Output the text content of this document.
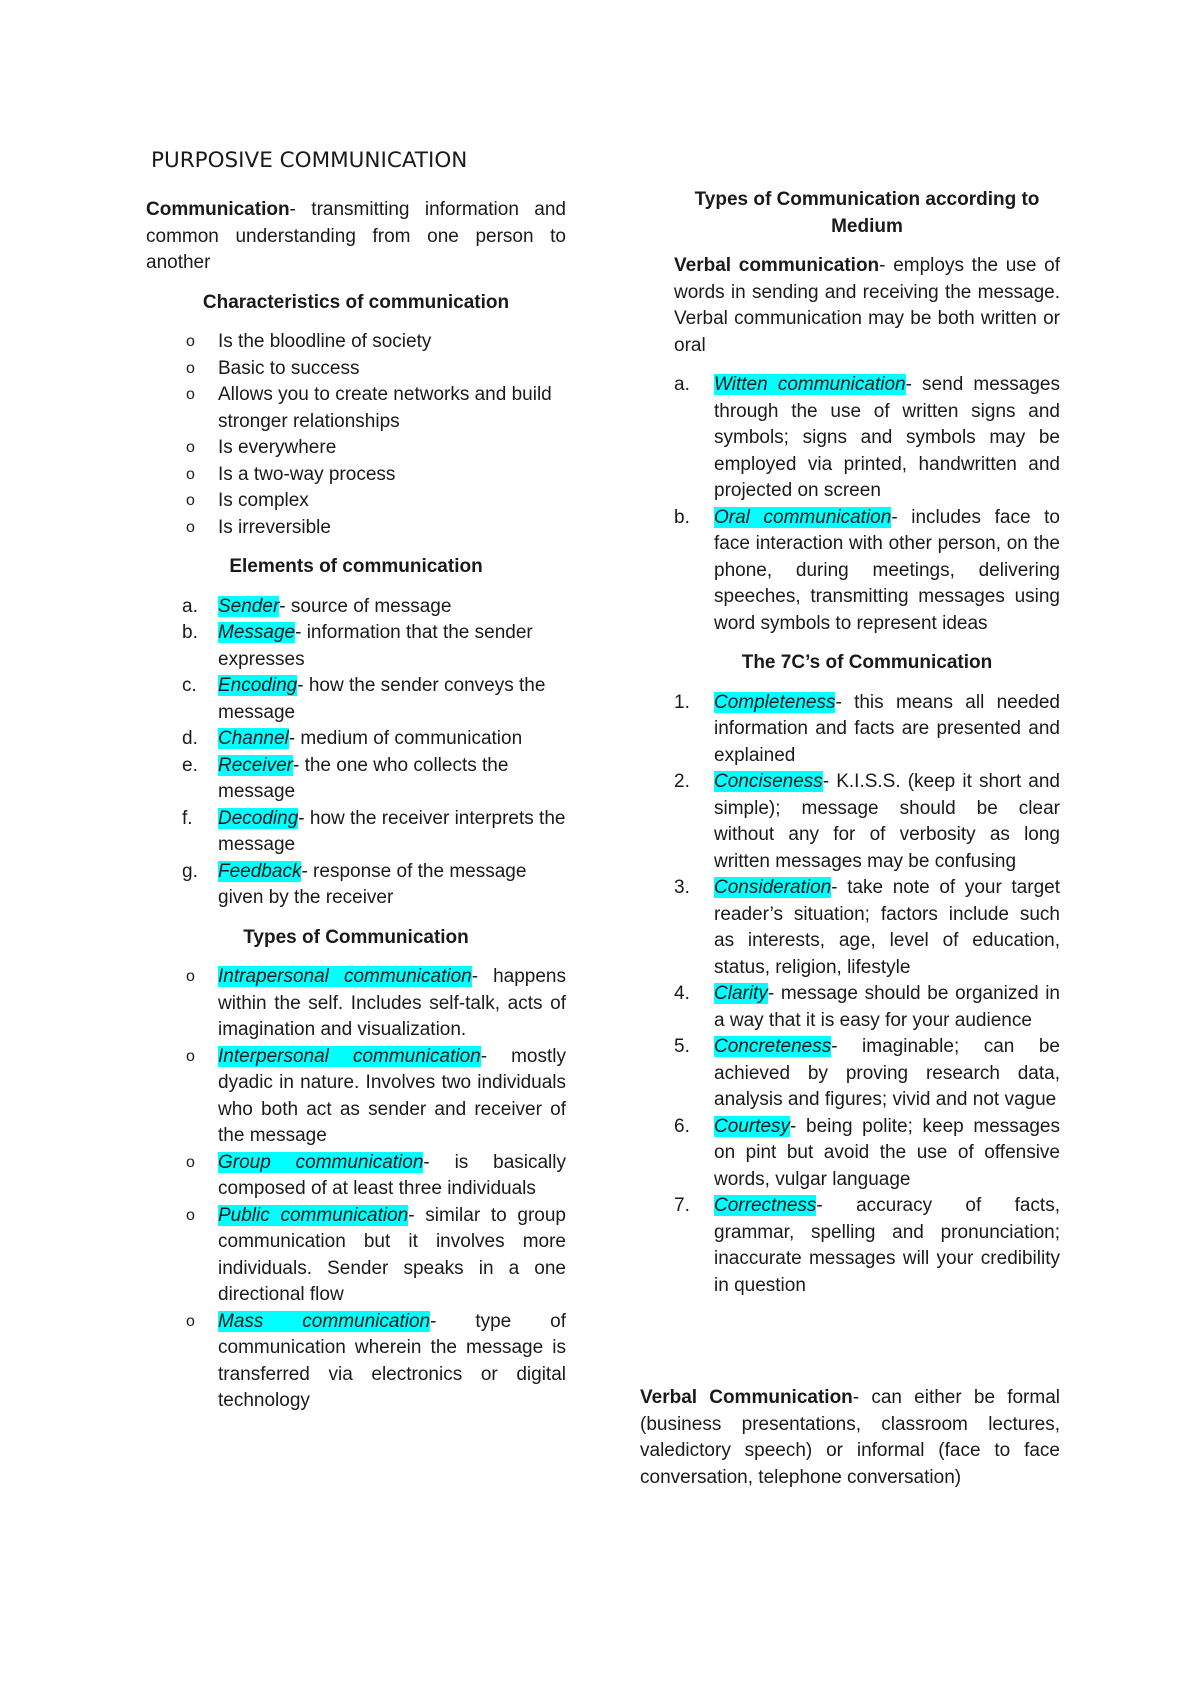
PURPOSIVE COMMUNICATION

Communication- transmitting information and common understanding from one person to another

Characteristics of communication

o Is the bloodline of society
o Basic to success
o Allows you to create networks and build stronger relationships
o Is everywhere
o Is a two-way process
o Is complex
o Is irreversible

Elements of communication

a. Sender- source of message
b. Message- information that the sender expresses
c. Encoding- how the sender conveys the message
d. Channel- medium of communication
e. Receiver- the one who collects the message
f. Decoding- how the receiver interprets the message
g. Feedback- response of the message given by the receiver

Types of Communication

o Intrapersonal communication- happens within the self. Includes self-talk, acts of imagination and visualization.
o Interpersonal communication- mostly dyadic in nature. Involves two individuals who both act as sender and receiver of the message
o Group communication- is basically composed of at least three individuals
o Public communication- similar to group communication but it involves more individuals. Sender speaks in a one directional flow
o Mass communication- type of communication wherein the message is transferred via electronics or digital technology

Types of Communication according to Medium

Verbal communication- employs the use of words in sending and receiving the message. Verbal communication may be both written or oral

a. Witten communication- send messages through the use of written signs and symbols; signs and symbols may be employed via printed, handwritten and projected on screen
b. Oral communication- includes face to face interaction with other person, on the phone, during meetings, delivering speeches, transmitting messages using word symbols to represent ideas

The 7C’s of Communication

1. Completeness- this means all needed information and facts are presented and explained
2. Conciseness- K.I.S.S. (keep it short and simple); message should be clear without any for of verbosity as long written messages may be confusing
3. Consideration- take note of your target reader’s situation; factors include such as interests, age, level of education, status, religion, lifestyle
4. Clarity- message should be organized in a way that it is easy for your audience
5. Concreteness- imaginable; can be achieved by proving research data, analysis and figures; vivid and not vague
6. Courtesy- being polite; keep messages on pint but avoid the use of offensive words, vulgar language
7. Correctness- accuracy of facts, grammar, spelling and pronunciation; inaccurate messages will your credibility in question

Verbal Communication- can either be formal (business presentations, classroom lectures, valedictory speech) or informal (face to face conversation, telephone conversation)
